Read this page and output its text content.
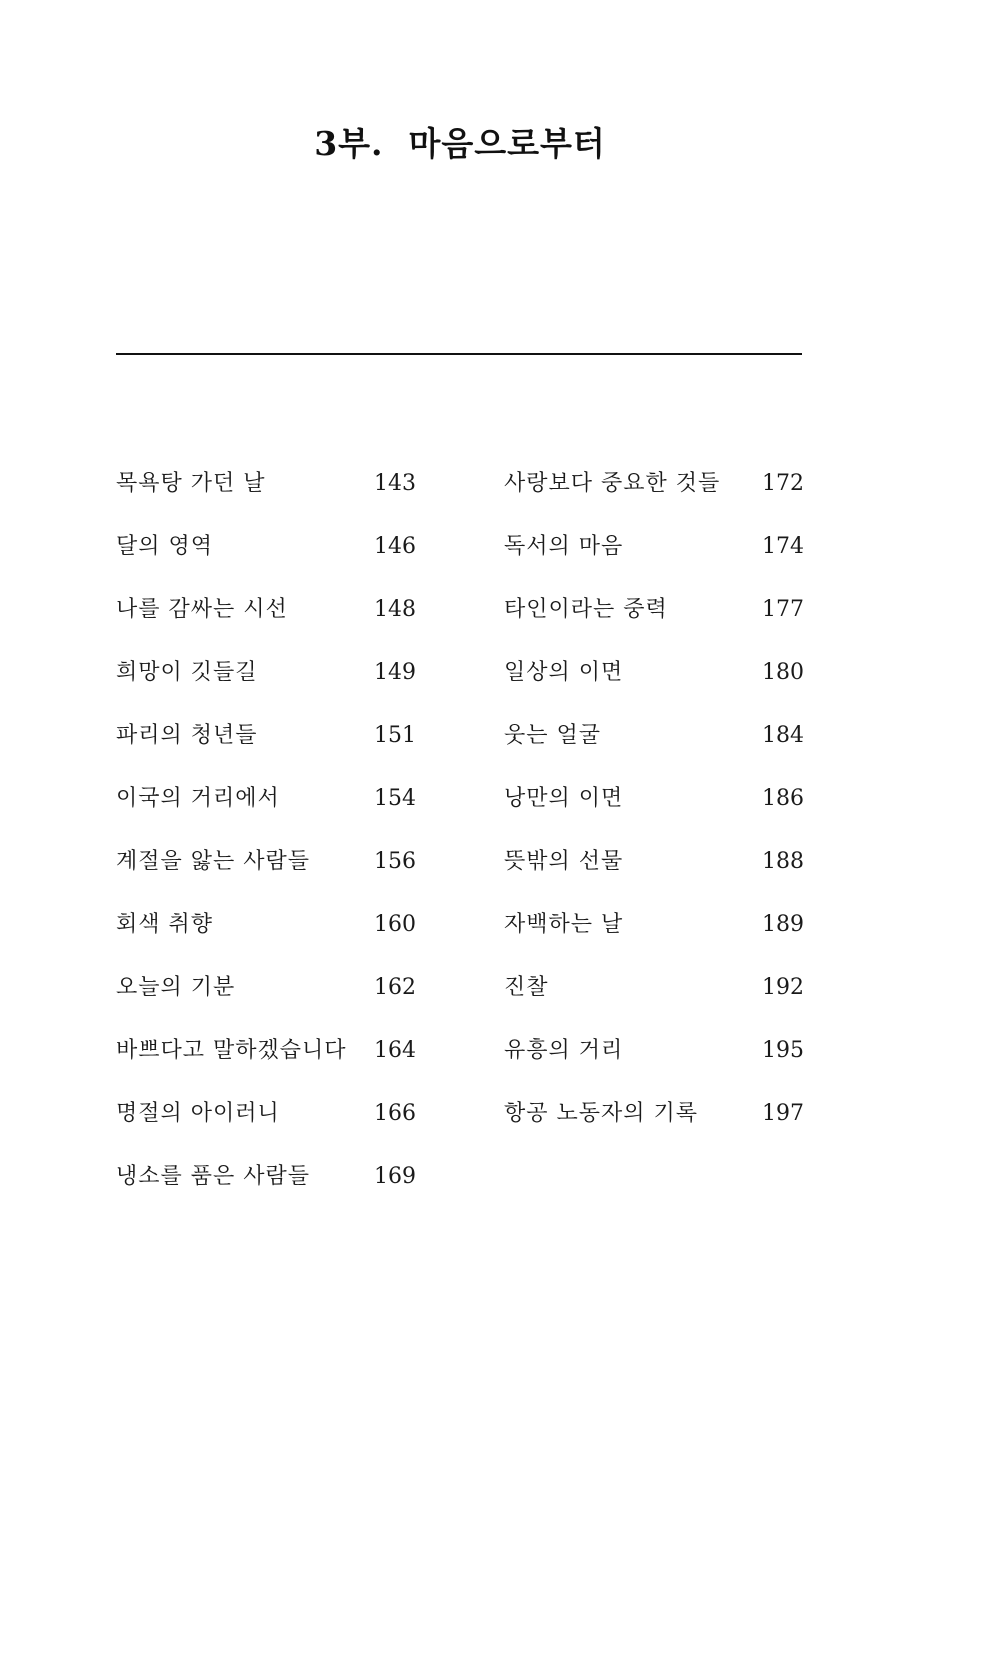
3부.  마음으로부터
목욕탕 가던 날	143
달의 영역	146
나를 감싸는 시선	148
희망이 깃들길	149
파리의 청년들	151
이국의 거리에서	154
계절을 앓는 사람들	156
회색 취향	160
오늘의 기분	162
바쁘다고 말하겠습니다 164
명절의 아이러니	166
냉소를 품은 사람들	169
사랑보다 중요한 것들 172
독서의 마음	174
타인이라는 중력	177
일상의 이면	180
웃는 얼굴	184
낭만의 이면	186
뜻밖의 선물	188
자백하는 날	189
진찰	192
유흥의 거리	195
항공 노동자의 기록	197
